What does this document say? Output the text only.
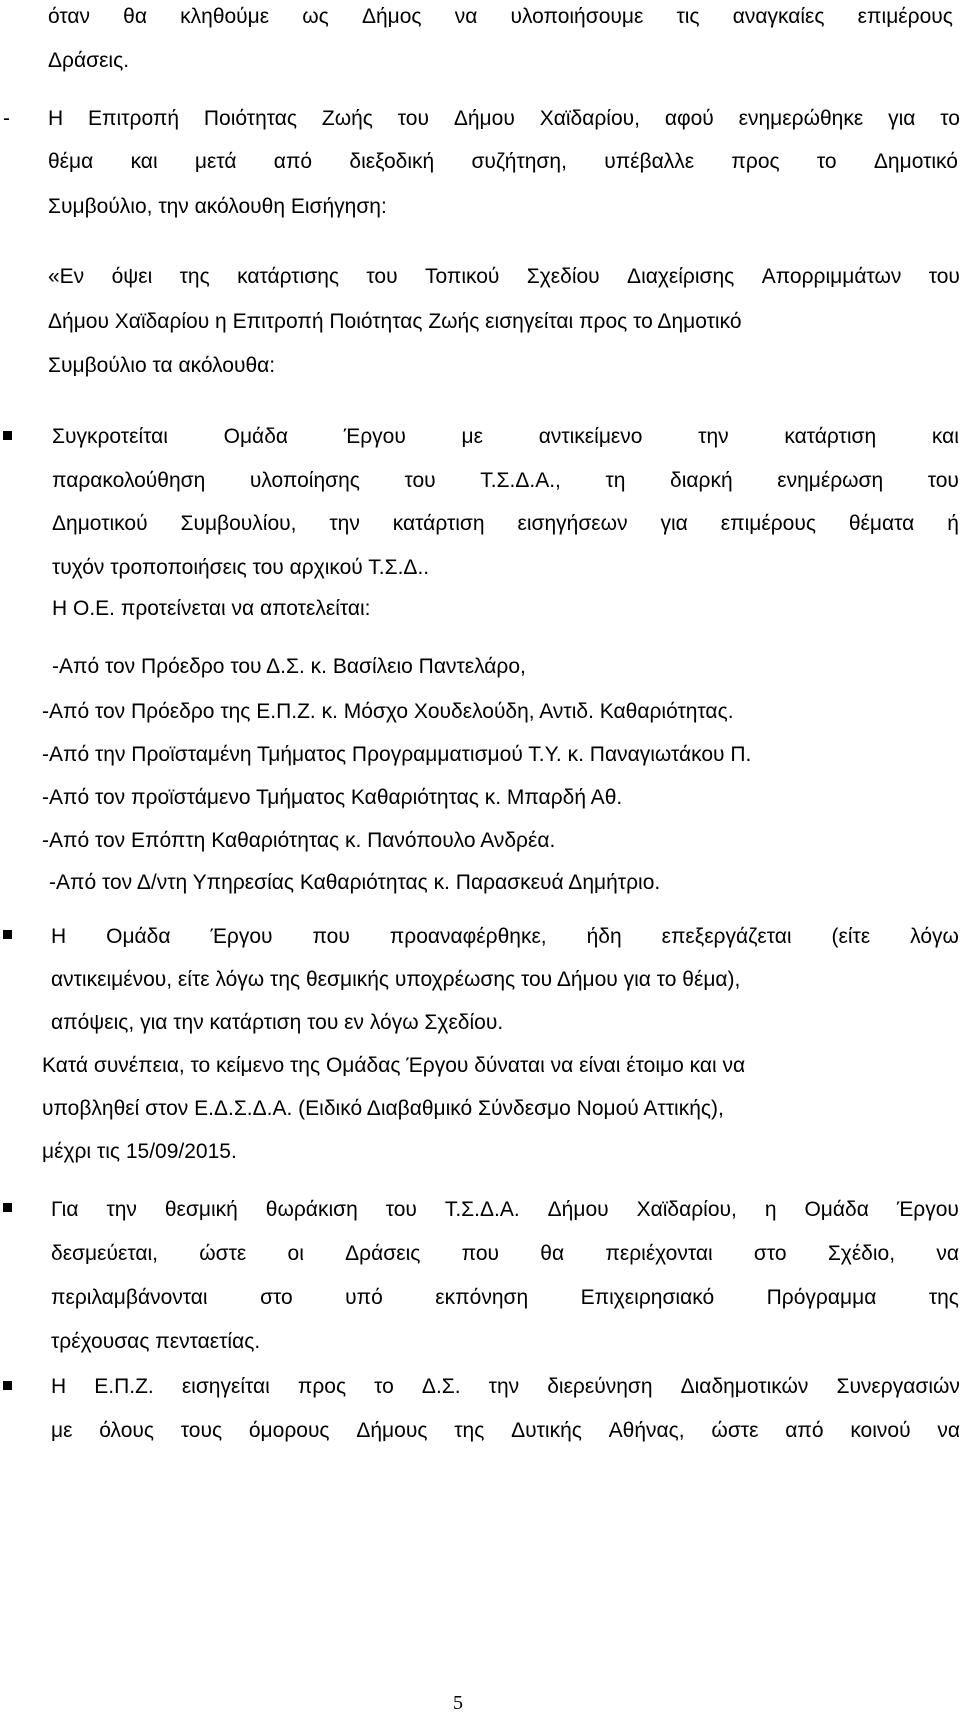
όταν θα κληθούμε ως Δήμος να υλοποιήσουμε τις αναγκαίες επιμέρους
Δράσεις.
- Η Επιτροπή Ποιότητας Ζωής του Δήμου Χαϊδαρίου, αφού ενημερώθηκε για το
θέμα και μετά από διεξοδική συζήτηση, υπέβαλλε προς το Δημοτικό
Συμβούλιο, την ακόλουθη Εισήγηση:
«Εν όψει της κατάρτισης του Τοπικού Σχεδίου Διαχείρισης Απορριμμάτων του
Δήμου Χαϊδαρίου η Επιτροπή Ποιότητας Ζωής εισηγείται προς το Δημοτικό
Συμβούλιο τα ακόλουθα:
Συγκροτείται	Ομάδα	Έργου	με	αντικείμενο	την	κατάρτιση	και
παρακολούθηση υλοποίησης του Τ.Σ.Δ.Α., τη διαρκή ενημέρωση του
Δημοτικού Συμβουλίου, την κατάρτιση εισηγήσεων για επιμέρους θέματα ή
τυχόν τροποποιήσεις του αρχικού Τ.Σ.Δ..
Η Ο.Ε. προτείνεται να αποτελείται:
-Από τον Πρόεδρο του Δ.Σ. κ. Βασίλειο Παντελάρο,
-Από τον Πρόεδρο της Ε.Π.Ζ. κ. Μόσχο Χουδελούδη, Αντιδ. Καθαριότητας.
-Από την Προϊσταμένη Τμήματος Προγραμματισμού Τ.Υ. κ. Παναγιωτάκου Π.
-Από τον προϊστάμενο Τμήματος Καθαριότητας κ. Μπαρδή Αθ.
-Από τον Επόπτη Καθαριότητας κ. Πανόπουλο Ανδρέα.
-Από τον Δ/ντη Υπηρεσίας Καθαριότητας κ. Παρασκευά Δημήτριο.
Η Ομάδα Έργου που προαναφέρθηκε, ήδη επεξεργάζεται (είτε λόγω
αντικειμένου, είτε λόγω της θεσμικής υποχρέωσης του Δήμου για το θέμα),
απόψεις, για την κατάρτιση του εν λόγω Σχεδίου.
Κατά συνέπεια, το κείμενο της Ομάδας Έργου δύναται να είναι έτοιμο και να
υποβληθεί στον Ε.Δ.Σ.Δ.Α. (Ειδικό Διαβαθμικό Σύνδεσμο Νομού Αττικής),
μέχρι τις 15/09/2015.
Για την θεσμική θωράκιση του Τ.Σ.Δ.Α. Δήμου Χαϊδαρίου, η Ομάδα Έργου
δεσμεύεται, ώστε οι Δράσεις που θα περιέχονται στο Σχέδιο, να
περιλαμβάνονται στο υπό εκπόνηση Επιχειρησιακό Πρόγραμμα της
τρέχουσας πενταετίας.
Η Ε.Π.Ζ. εισηγείται προς το Δ.Σ. την διερεύνηση Διαδημοτικών Συνεργασιών
με όλους τους όμορους Δήμους της Δυτικής Αθήνας, ώστε από κοινού να
5
